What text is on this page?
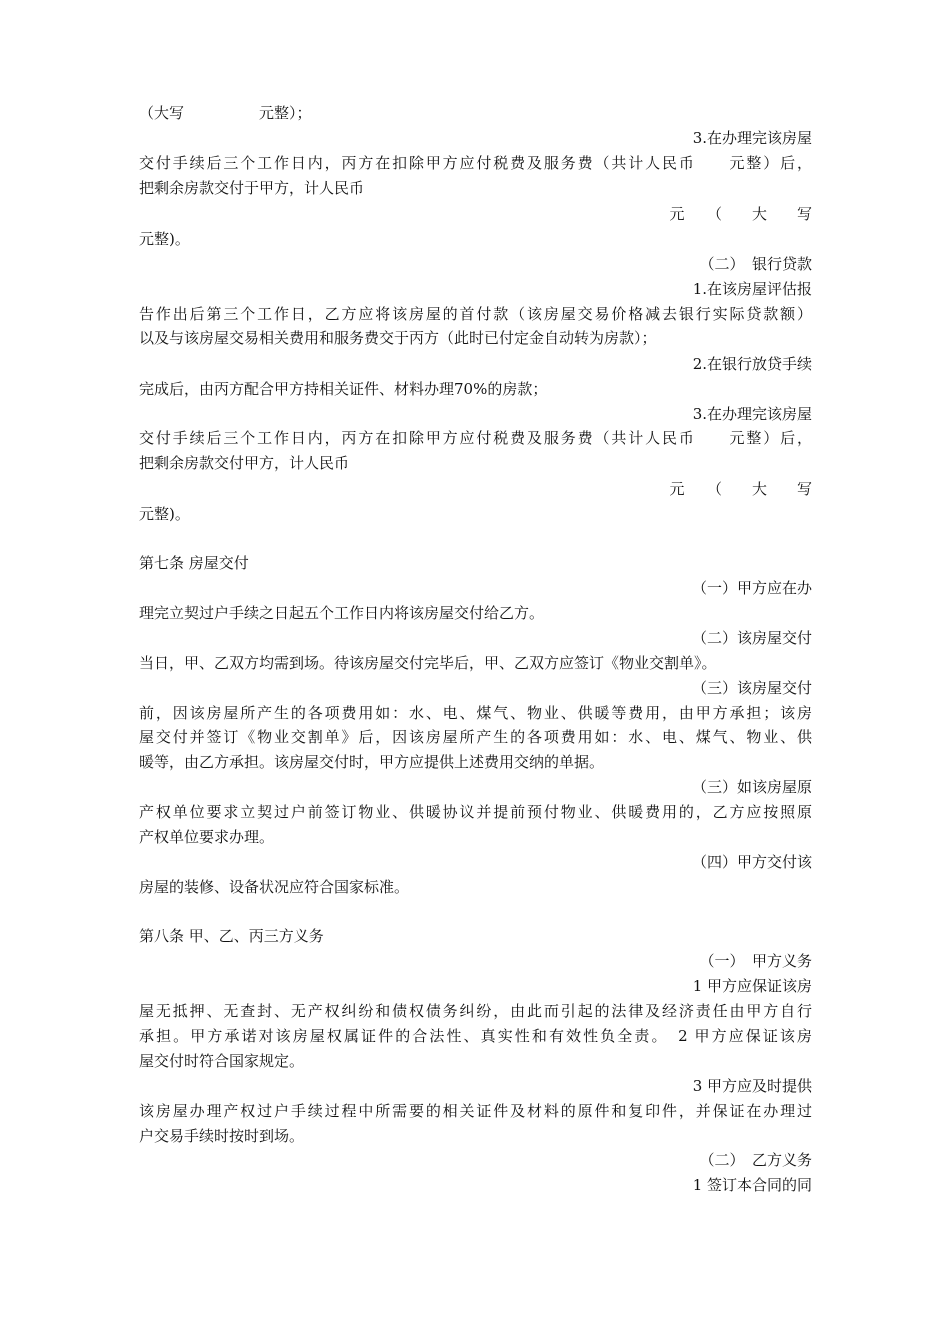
（大写　　　　　元整）；
3.在办理完该房屋
交付手续后三个工作日内，丙方在扣除甲方应付税费及服务费（共计人民币　　元整）后，
把剩余房款交付于甲方，计人民币
元　　（　　大　　写
元整)。
（二）　银行贷款
1.在该房屋评估报
告作出后第三个工作日，乙方应将该房屋的首付款（该房屋交易价格减去银行实际贷款额）
以及与该房屋交易相关费用和服务费交于丙方（此时已付定金自动转为房款）；
2.在银行放贷手续
完成后，由丙方配合甲方持相关证件、材料办理70%的房款；
3.在办理完该房屋
交付手续后三个工作日内，丙方在扣除甲方应付税费及服务费（共计人民币　　元整）后，
把剩余房款交付甲方，计人民币
元　　（　　大　　写
元整)。
第七条 房屋交付
（一）甲方应在办
理完立契过户手续之日起五个工作日内将该房屋交付给乙方。
（二）该房屋交付
当日，甲、乙双方均需到场。待该房屋交付完毕后，甲、乙双方应签订《物业交割单》。
（三）该房屋交付
前，因该房屋所产生的各项费用如：水、电、煤气、物业、供暖等费用，由甲方承担；该房
屋交付并签订《物业交割单》后，因该房屋所产生的各项费用如：水、电、煤气、物业、供
暖等，由乙方承担。该房屋交付时，甲方应提供上述费用交纳的单据。
（三）如该房屋原
产权单位要求立契过户前签订物业、供暖协议并提前预付物业、供暖费用的，乙方应按照原
产权单位要求办理。
（四）甲方交付该
房屋的装修、设备状况应符合国家标准。
第八条 甲、乙、丙三方义务
（一）　甲方义务
1 甲方应保证该房
屋无抵押、无查封、无产权纠纷和债权债务纠纷，由此而引起的法律及经济责任由甲方自行
承担。甲方承诺对该房屋权属证件的合法性、真实性和有效性负全责。　2 甲方应保证该房
屋交付时符合国家规定。
3 甲方应及时提供
该房屋办理产权过户手续过程中所需要的相关证件及材料的原件和复印件，并保证在办理过
户交易手续时按时到场。
（二）　乙方义务
1 签订本合同的同
